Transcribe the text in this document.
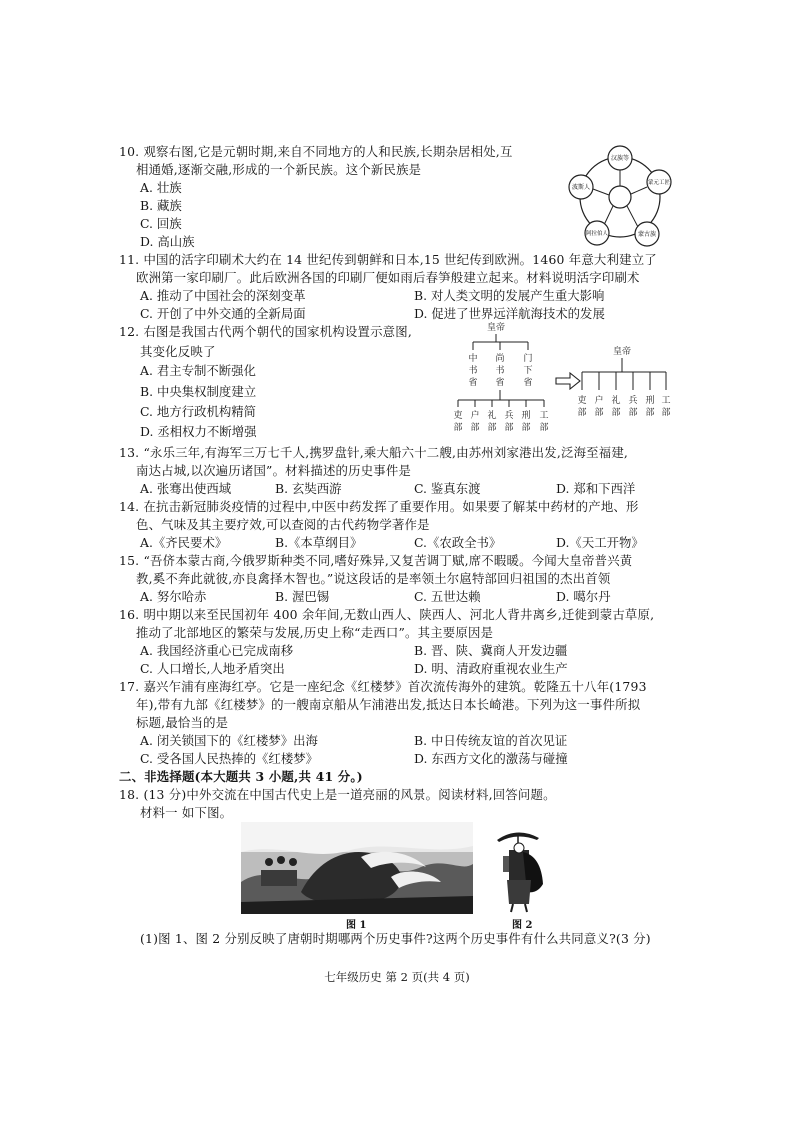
10. 观察右图,它是元朝时期,来自不同地方的人和民族,长期杂居相处,互
相通婚,逐渐交融,形成的一个新民族。这个新民族是
A. 壮族
B. 藏族
C. 回族
D. 高山族
汉族等
蒙元工匠
波斯人
阿拉伯人	蒙古族
11. 中国的活字印刷术大约在 14 世纪传到朝鲜和日本,15 世纪传到欧洲。1460 年意大利建立了
欧洲第一家印刷厂。此后欧洲各国的印刷厂便如雨后春笋般建立起来。材料说明活字印刷术
A. 推动了中国社会的深刻变革	B. 对人类文明的发展产生重大影响
C. 开创了中外交通的全新局面	D. 促进了世界远洋航海技术的发展
12. 右图是我国古代两个朝代的国家机构设置示意图,
其变化反映了
A. 君主专制不断强化
B. 中央集权制度建立
C. 地方行政机构精简
D. 丞相权力不断增强
皇帝
中
书
省
尚
书
省
门
下
省
吏
部
户
部
礼
部
兵
部
刑
部
工
部
皇帝
吏
部
户
部
礼
部
兵
部
刑
部
工
部
13. “永乐三年,有海军三万七千人,携罗盘针,乘大船六十二艘,由苏州刘家港出发,泛海至福建,
南达占城,以次遍历诸国”。材料描述的历史事件是
A. 张骞出使西域	B. 玄奘西游	C. 鉴真东渡	D. 郑和下西洋
14. 在抗击新冠肺炎疫情的过程中,中医中药发挥了重要作用。如果要了解某中药材的产地、形
色、气味及其主要疗效,可以查阅的古代药物学著作是
A.《齐民要术》	B.《本草纲目》	C.《农政全书》	D.《天工开物》
15. “吾侪本蒙古商,今俄罗斯种类不同,嗜好殊异,又复苦调丁赋,席不暇暖。今闻大皇帝普兴黄
教,奚不奔此就彼,亦良禽择木智也。”说这段话的是率领土尔扈特部回归祖国的杰出首领
A. 努尔哈赤	B. 渥巴锡	C. 五世达赖	D. 噶尔丹
16. 明中期以来至民国初年 400 余年间,无数山西人、陕西人、河北人背井离乡,迁徙到蒙古草原,
推动了北部地区的繁荣与发展,历史上称“走西口”。其主要原因是
A. 我国经济重心已完成南移	B. 晋、陕、冀商人开发边疆
C. 人口增长,人地矛盾突出	D. 明、清政府重视农业生产
17. 嘉兴乍浦有座海红亭。它是一座纪念《红楼梦》首次流传海外的建筑。乾隆五十八年(1793
年),带有九部《红楼梦》的一艘南京船从乍浦港出发,抵达日本长崎港。下列为这一事件所拟
标题,最恰当的是
A. 闭关锁国下的《红楼梦》出海	B. 中日传统友谊的首次见证
C. 受各国人民热捧的《红楼梦》	D. 东西方文化的激荡与碰撞
二、非选择题(本大题共 3 小题,共 41 分。)
18. (13 分)中外交流在中国古代史上是一道亮丽的风景。阅读材料,回答问题。
材料一 如下图。
图 1	图 2
(1)图 1、图 2 分别反映了唐朝时期哪两个历史事件?这两个历史事件有什么共同意义?(3 分)
七年级历史 第 2 页(共 4 页)
